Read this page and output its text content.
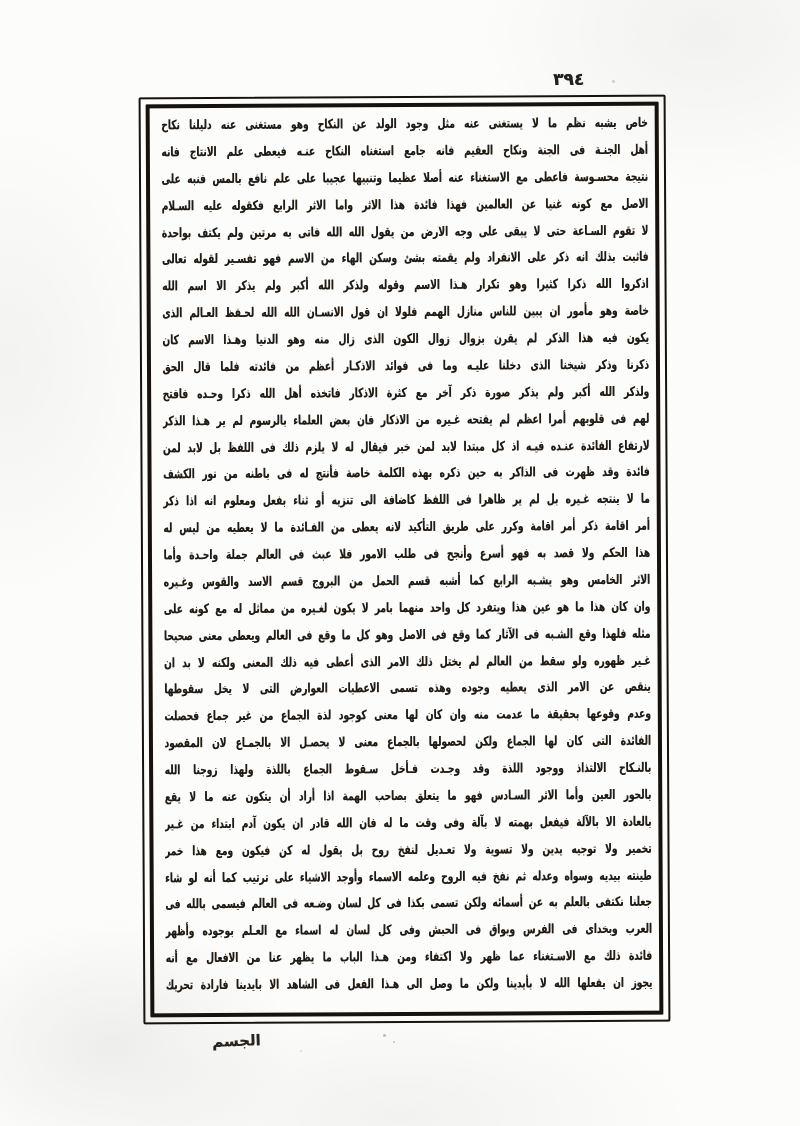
٣٩٤
خاص يشبه نظم ما لا يستغنى عنه مثل وجود الولد عن النكاح وهو مستغنى عنه دليلنا نكاح
أهل الجنـة فى الجنة ونكاح العقيم فانه جامع استغناه النكاح عنـه فيعطى علم الانتاج فانه
نتيجة محسـوسة فاعطى مع الاستغناء عنه أصلا عظيما وتنبيها عجيبا على علم نافع بالمس فنبه على
الاصل مع كونه غنيا عن العالمين فهذا فائدة هذا الاثر واما الاثر الرابع فكقوله عليه السـلام
لا تقوم السـاعة حتى لا يبقى على وجه الارض من يقول الله الله فاتى به مرتين ولم يكتف بواحدة
فاثبت بذلك انه ذكر على الانفراد ولم يقمته بشئ وسكن الهاء من الاسم فهو تفسـير لقوله تعالى
اذكروا الله ذكرا كثيرا وهو تكرار هـذا الاسم وقوله ولذكر الله أكبر ولم يذكر الا اسم الله
خاصة وهو مأمور ان يبين للناس منازل الهمم فلولا ان قول الانسـان الله الله لحـفظ العـالم الذى
يكون فيه هذا الذكر لم يقرن بزوال زوال الكون الذى زال منه وهو الدنيا وهـذا الاسم كان
ذكرنا وذكر شيخنا الذى دخلنا عليـه وما فى فوائد الاذكـار أعظم من فائدته فلما قال الحق
ولذكر الله أكبر ولم يذكر صورة ذكر آخر مع كثرة الاذكار فاتخذه أهل الله ذكرا وحـده فافتح
لهم فى قلوبهم أمرا اعظم لم يفتحه غـيره من الاذكار فان بعض العلماء بالرسوم لم ير هـذا الذكر
لارتفاع الفائدة عنـده فيـه اذ كل مبتدا لابد لمن خبر فيقال له لا يلزم ذلك فى اللفظ بل لابد لمن
فائدة وقد ظهرت فى الذاكر به حين ذكره بهذه الكلمة خاصة فأنتج له فى باطنه من نور الكشف
ما لا ينتجه غـيره بل لم ير ظاهرا فى اللفظ كاضافة الى تنزيه أو ثناء بفعل ومعلوم انه اذا ذكر
أمر اقامة ذكر أمر اقامة وكرر على طريق التأكيد لانه يعطى من الفـائدة ما لا يعطيه من ليس له
هذا الحكم ولا قصد به فهو أسرع وأنجح فى طلب الامور فلا عبث فى العالم جملة واحـدة وأما
الاثر الخامس وهو يشـبه الرابع كما أشبه قسم الحمل من البروج قسم الاسد والقوس وغـيره
وان كان هذا ما هو عين هذا ويتفرد كل واحد منهما بامر لا يكون لغـيره من مماثل له مع كونه على
مثله فلهذا وقع الشـبه فى الآثار كما وقع فى الاصل وهو كل ما وقع فى العالم ويعطى معنى صحيحا
غـير ظهوره ولو سقط من العالم لم يختل ذلك الامر الذى أعطى فيه ذلك المعنى ولكنه لا بد ان
ينقص عن الامر الذى يعطيه وجوده وهذه تسمى الاعطيات العوارض التى لا يخل سقوطها
وعدم وقوعها بحقيقة ما عدمت منه وان كان لها معنى كوجود لذة الجماع من غير جماع فحصلت
الفائدة التى كان لها الجماع ولكن لحصولها بالجماع معنى لا يحصـل الا بالجمـاع لان المقصود
بالنـكاح الالتذاذ ووجود اللذة وقد وجـدت فـأخل سـقوط الجماع باللذة ولهذا زوجنا الله
بالحور العين وأما الاثر السـادس فهو ما يتعلق بصاحب الهمة اذا أراد أن يتكون عنه ما لا يقع
بالعادة الا بالآلة فيفعل بهمته لا بآلة وفى وقت ما له فان الله قادر ان يكون آدم ابتداء من غـير
تخمير ولا توجيه يدين ولا تسوية ولا تعـديل لنفخ روح بل يقول له كن فيكون ومع هذا خمر
طينته بيديه وسواه وعدله ثم نفخ فيه الروح وعلمه الاسماء وأوجد الاشياء على ترتيب كما أنه لو شاء
جعلنا نكتفى بالعلم به عن أسمائه ولكن تسمى بكذا فى كل لسان وضـعه فى العالم فيسمى بالله فى
العرب وبخداى فى الفرس وبواق فى الحبش وفى كل لسان له اسماء مع العـلم بوجوده وأظهر
فائدة ذلك مع الاسـتغناء عما ظهر ولا اكتفاء ومن هـذا الباب ما يظهر عنا من الافعال مع أنه
يجوز ان يفعلها الله لا بأيدينا ولكن ما وصل الى هـذا الفعل فى الشاهد الا بايدينا فارادة تحريك
الجسم
